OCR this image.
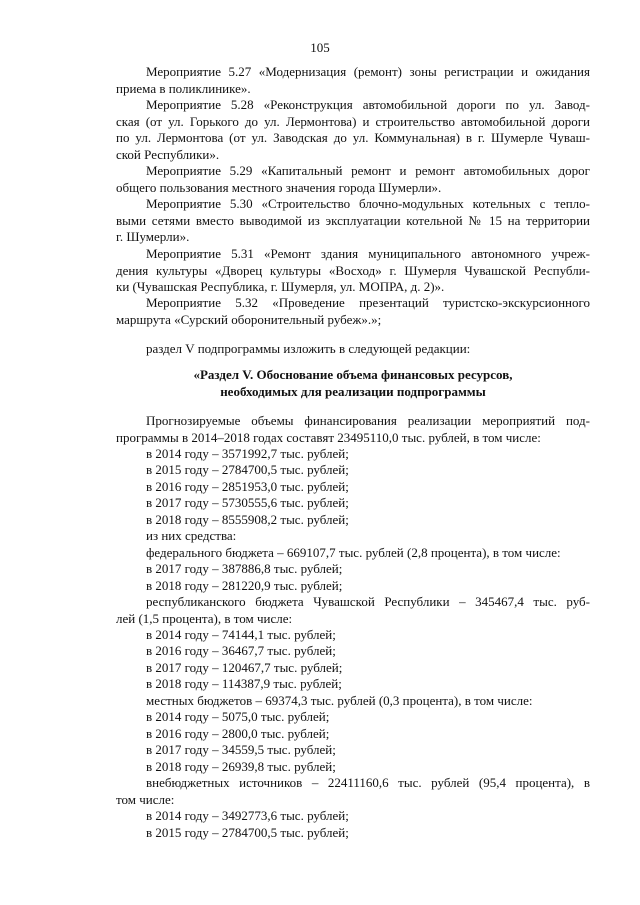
105
Мероприятие 5.27 «Модернизация (ремонт) зоны регистрации и ожидания
приема в поликлинике».
Мероприятие 5.28 «Реконструкция автомобильной дороги по ул. Завод-
ская (от ул. Горького до ул. Лермонтова) и строительство автомобильной дороги
по ул. Лермонтова (от ул. Заводская до ул. Коммунальная) в г. Шумерле Чуваш-
ской Республики».
Мероприятие 5.29 «Капитальный ремонт и ремонт автомобильных дорог
общего пользования местного значения города Шумерли».
Мероприятие 5.30 «Строительство блочно-модульных котельных с тепло-
выми сетями вместо выводимой из эксплуатации котельной № 15 на территории
г. Шумерли».
Мероприятие 5.31 «Ремонт здания муниципального автономного учреж-
дения культуры «Дворец культуры «Восход» г. Шумерля Чувашской Республи-
ки (Чувашская Республика, г. Шумерля, ул. МОПРА, д. 2)».
Мероприятие 5.32 «Проведение презентаций туристско-экскурсионного
маршрута «Сурский оборонительный рубеж».»;
раздел V подпрограммы изложить в следующей редакции:
«Раздел V. Обоснование объема финансовых ресурсов,
необходимых для реализации подпрограммы
Прогнозируемые объемы финансирования реализации мероприятий под-
программы в 2014–2018 годах составят 23495110,0 тыс. рублей, в том числе:
в 2014 году – 3571992,7 тыс. рублей;
в 2015 году – 2784700,5 тыс. рублей;
в 2016 году – 2851953,0 тыс. рублей;
в 2017 году – 5730555,6 тыс. рублей;
в 2018 году – 8555908,2 тыс. рублей;
из них средства:
федерального бюджета – 669107,7 тыс. рублей (2,8 процента), в том числе:
в 2017 году – 387886,8 тыс. рублей;
в 2018 году – 281220,9 тыс. рублей;
республиканского бюджета Чувашской Республики – 345467,4 тыс. руб-
лей (1,5 процента), в том числе:
в 2014 году – 74144,1 тыс. рублей;
в 2016 году – 36467,7 тыс. рублей;
в 2017 году – 120467,7 тыс. рублей;
в 2018 году – 114387,9 тыс. рублей;
местных бюджетов – 69374,3 тыс. рублей (0,3 процента), в том числе:
в 2014 году – 5075,0 тыс. рублей;
в 2016 году – 2800,0 тыс. рублей;
в 2017 году – 34559,5 тыс. рублей;
в 2018 году – 26939,8 тыс. рублей;
внебюджетных источников – 22411160,6 тыс. рублей (95,4 процента), в
том числе:
в 2014 году – 3492773,6 тыс. рублей;
в 2015 году – 2784700,5 тыс. рублей;
